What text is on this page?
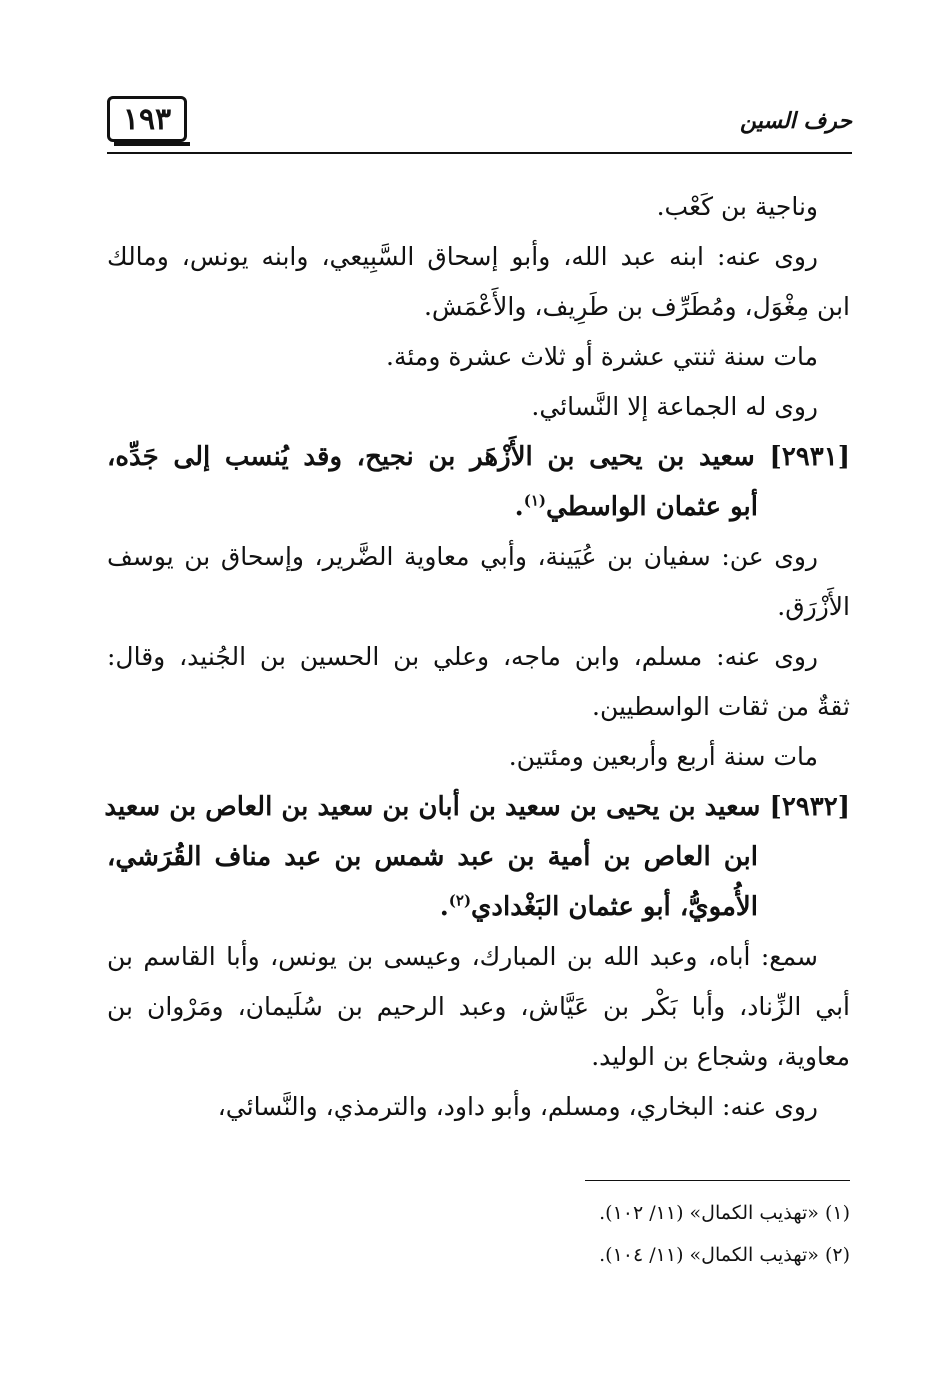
١٩٣	حرف السين
وناجية بن كَعْب.
روى عنه: ابنه عبد الله، وأبو إسحاق السَّبِيعي، وابنه يونس، ومالك
ابن مِغْوَل، ومُطَرِّف بن طَرِيف، والأَعْمَش.
مات سنة ثنتي عشرة أو ثلاث عشرة ومئة.
روى له الجماعة إلا النَّسائي.
[٢٩٣١] سعيد بن يحيى بن الأَزْهَر بن نجيح، وقد يُنسب إلى جَدِّه،
أبو عثمان الواسطي$^{(١)}$.
روى عن: سفيان بن عُيَينة، وأبي معاوية الضَّرير، وإسحاق بن يوسف
الأَزْرَق.
روى عنه: مسلم، وابن ماجه، وعلي بن الحسين بن الجُنيد، وقال:
ثقةٌ من ثقات الواسطيين.
مات سنة أربع وأربعين ومئتين.
[٢٩٣٢] سعيد بن يحيى بن سعيد بن أبان بن سعيد بن العاص بن سعيد
ابن العاص بن أمية بن عبد شمس بن عبد مناف القُرَشي،
الأُمويُّ، أبو عثمان البَغْدادي$^{(٢)}$.
سمع: أباه، وعبد الله بن المبارك، وعيسى بن يونس، وأبا القاسم بن
أبي الزِّناد، وأبا بَكْر بن عَيَّاش، وعبد الرحيم بن سُلَيمان، ومَرْوان بن
معاوية، وشجاع بن الوليد.
روى عنه: البخاري، ومسلم، وأبو داود، والترمذي، والنَّسائي،
(١) «تهذيب الكمال» (١١/ ١٠٢).
(٢) «تهذيب الكمال» (١١/ ١٠٤).
